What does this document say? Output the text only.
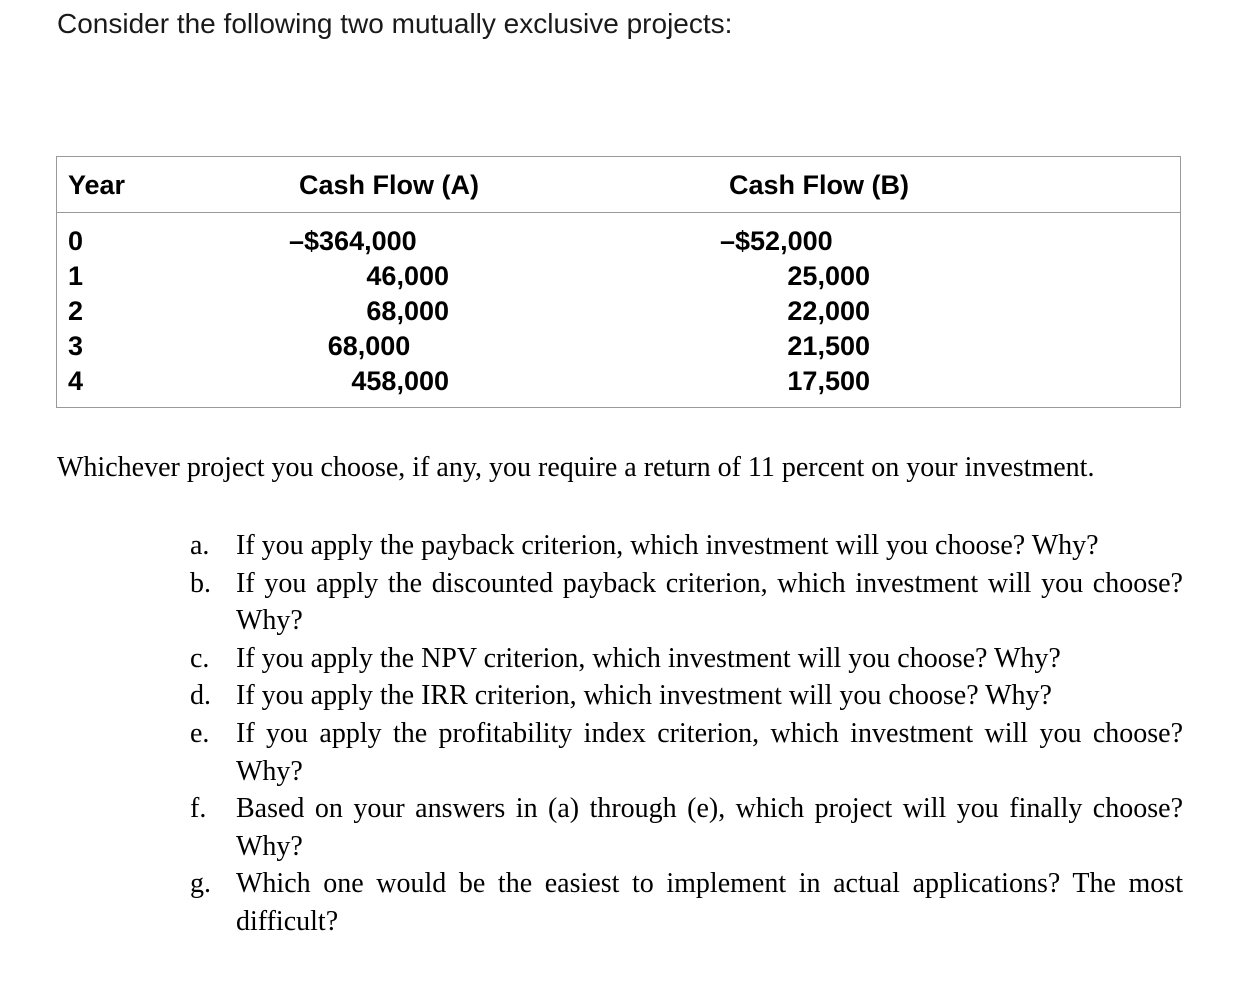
Consider the following two mutually exclusive projects:
Year	Cash Flow (A)	Cash Flow (B)
0
1
2
3
4
–$364,000
46,000
68,000
68,000
458,000
–$52,000
25,000
22,000
21,500
17,500
Whichever project you choose, if any, you require a return of 11 percent on your investment.
a. If you apply the payback criterion, which investment will you choose? Why?
b. If you apply the discounted payback criterion, which investment will you choose? Why?
c. If you apply the NPV criterion, which investment will you choose? Why?
d. If you apply the IRR criterion, which investment will you choose? Why?
e. If you apply the profitability index criterion, which investment will you choose? Why?
f. Based on your answers in (a) through (e), which project will you finally choose? Why?
g. Which one would be the easiest to implement in actual applications? The most difficult?
